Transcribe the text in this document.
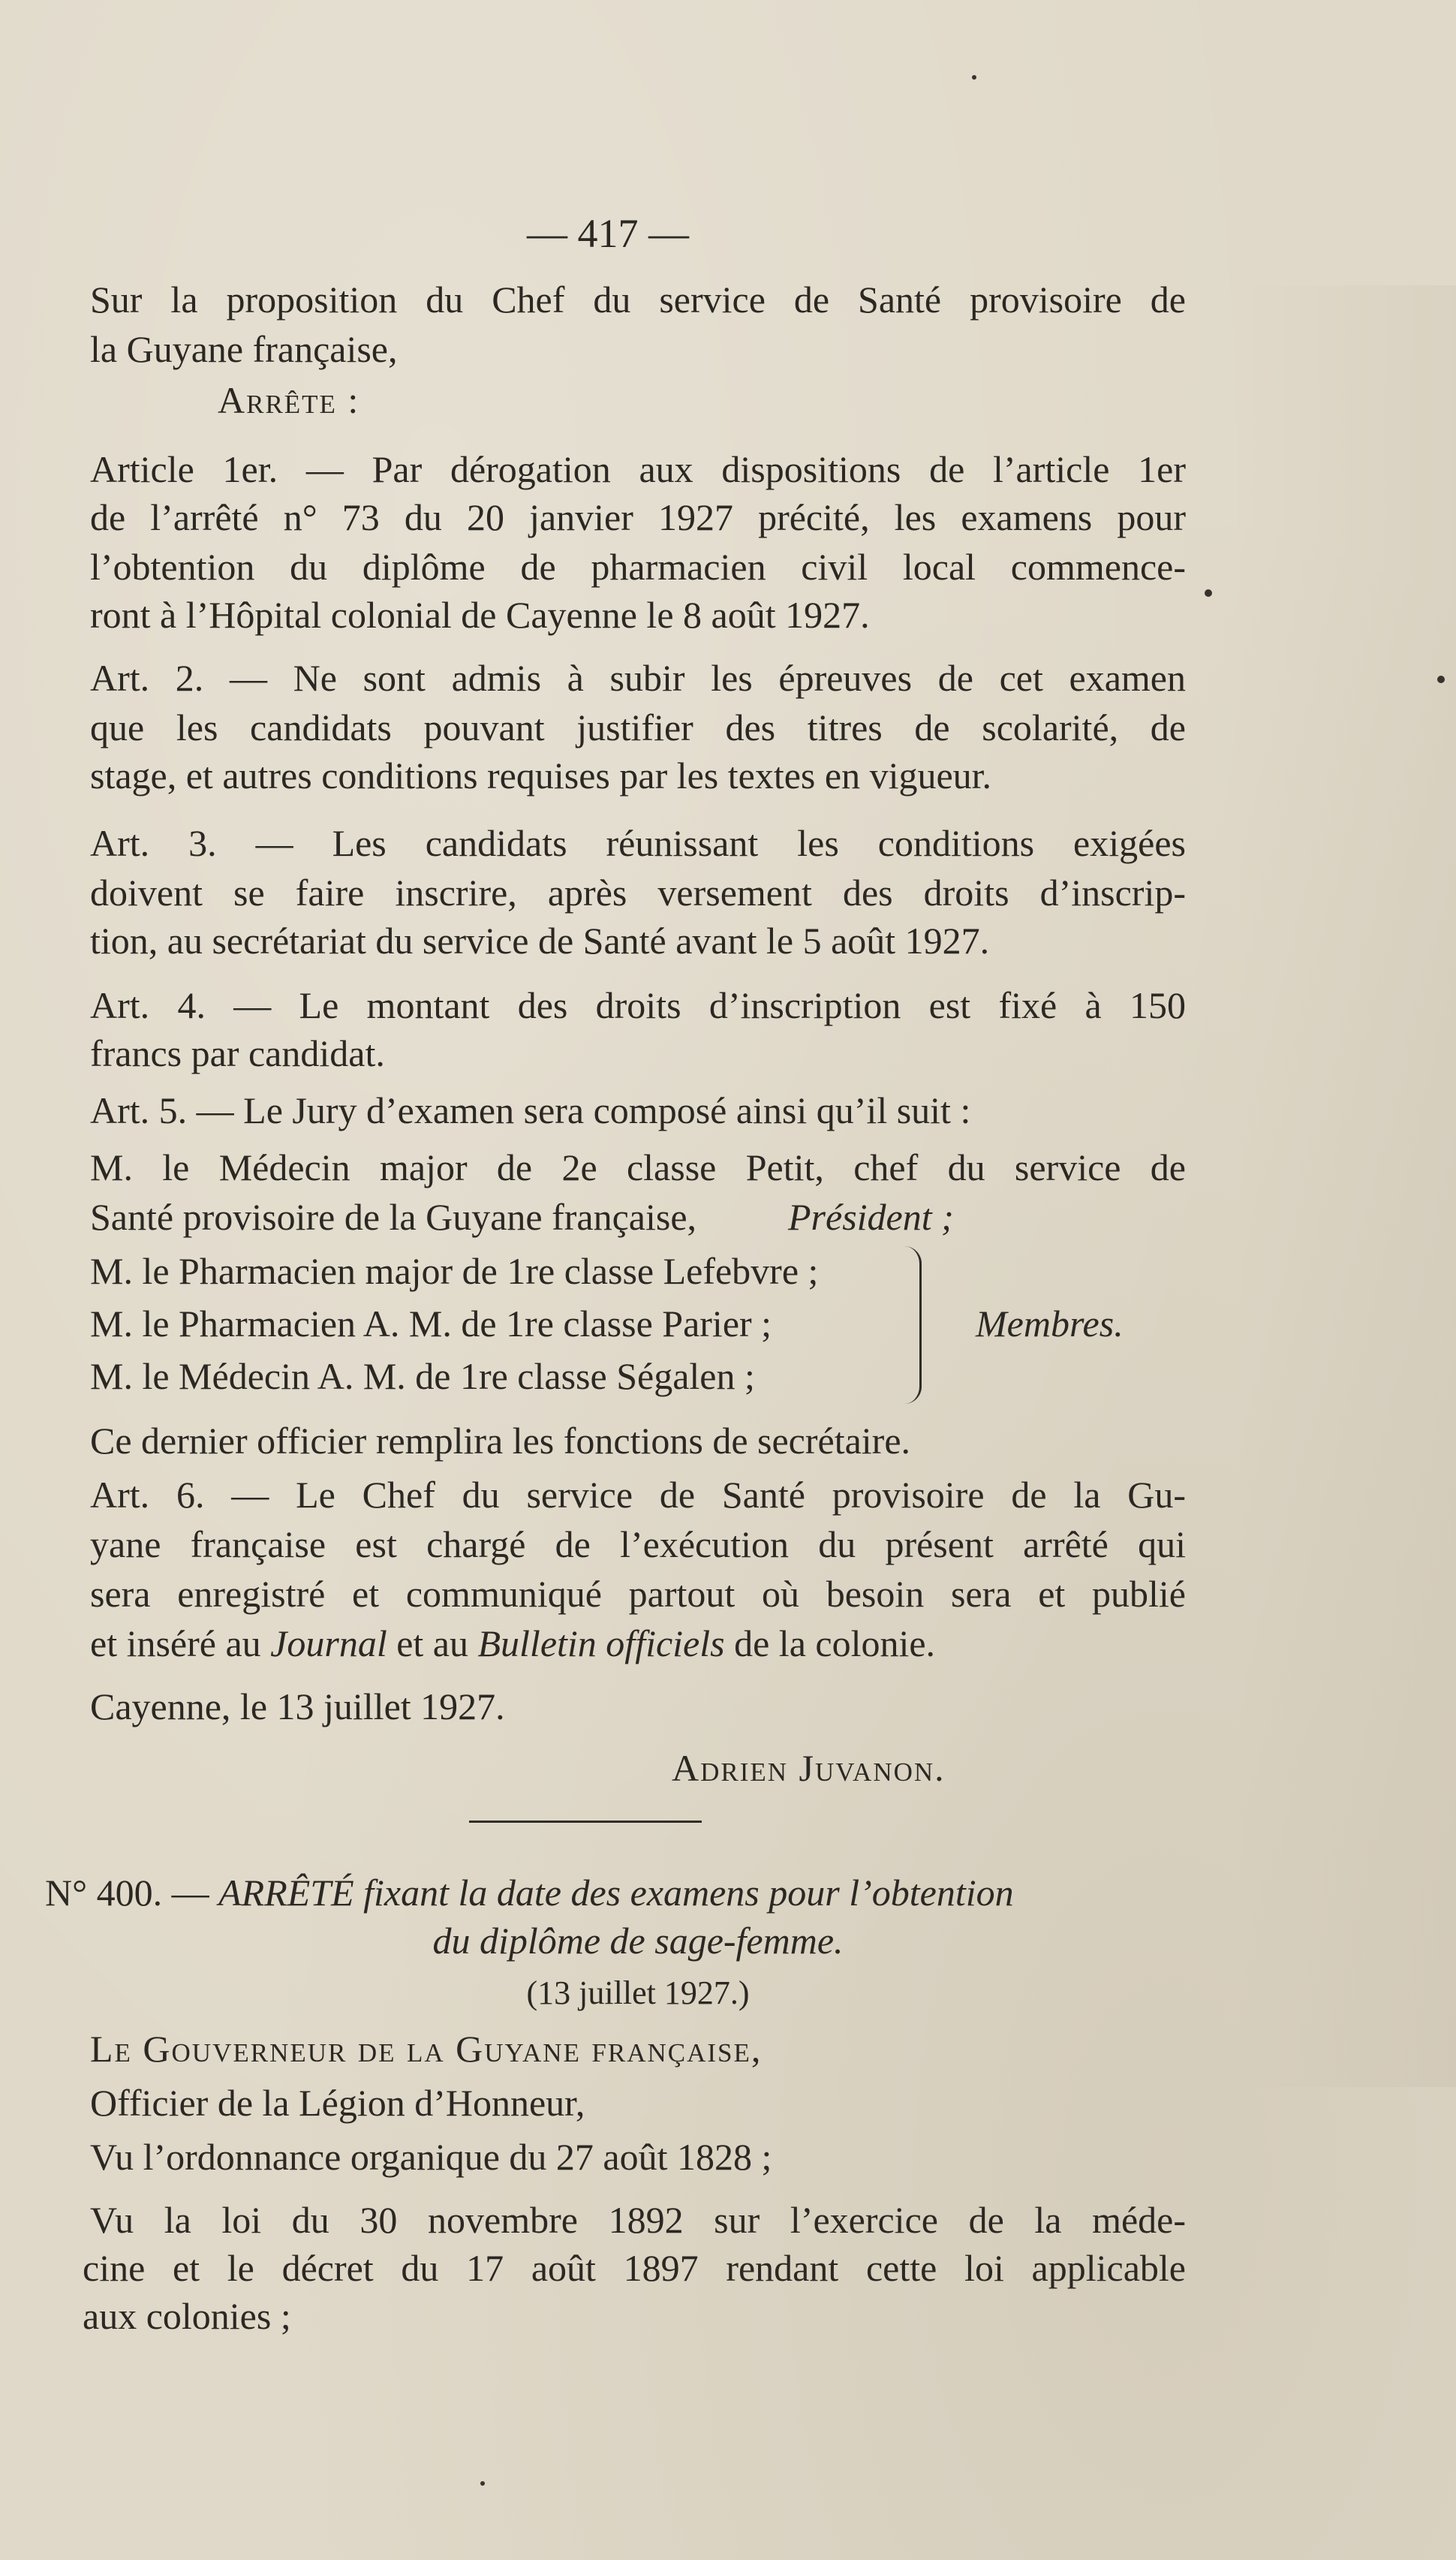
— 417 —
Sur la proposition du Chef du service de Santé provisoire de
la Guyane française,
Arrête :
Article 1er. — Par dérogation aux dispositions de l’article 1er
de l’arrêté n° 73 du 20 janvier 1927 précité, les examens pour
l’obtention du diplôme de pharmacien civil local commence-
ront à l’Hôpital colonial de Cayenne le 8 août 1927.
Art. 2. — Ne sont admis à subir les épreuves de cet examen
que les candidats pouvant justifier des titres de scolarité, de
stage, et autres conditions requises par les textes en vigueur.
Art. 3. — Les candidats réunissant les conditions exigées
doivent se faire inscrire, après versement des droits d’inscrip-
tion, au secrétariat du service de Santé avant le 5 août 1927.
Art. 4. — Le montant des droits d’inscription est fixé à 150
francs par candidat.
Art. 5. — Le Jury d’examen sera composé ainsi qu’il suit :
M. le Médecin major de 2e classe Petit, chef du service de
Santé provisoire de la Guyane française, Président ;
M. le Pharmacien major de 1re classe Lefebvre ;
M. le Pharmacien A. M. de 1re classe Parier ;	Membres.
M. le Médecin A. M. de 1re classe Ségalen ;
Ce dernier officier remplira les fonctions de secrétaire.
Art. 6. — Le Chef du service de Santé provisoire de la Gu-
yane française est chargé de l’exécution du présent arrêté qui
sera enregistré et communiqué partout où besoin sera et publié
et inséré au Journal et au Bulletin officiels de la colonie.
Cayenne, le 13 juillet 1927.
Adrien Juvanon.
N° 400. — ARRÊTÉ fixant la date des examens pour l’obtention
du diplôme de sage-femme.
(13 juillet 1927.)
Le Gouverneur de la Guyane française,
Officier de la Légion d’Honneur,
Vu l’ordonnance organique du 27 août 1828 ;
Vu la loi du 30 novembre 1892 sur l’exercice de la méde-
cine et le décret du 17 août 1897 rendant cette loi applicable
aux colonies ;
